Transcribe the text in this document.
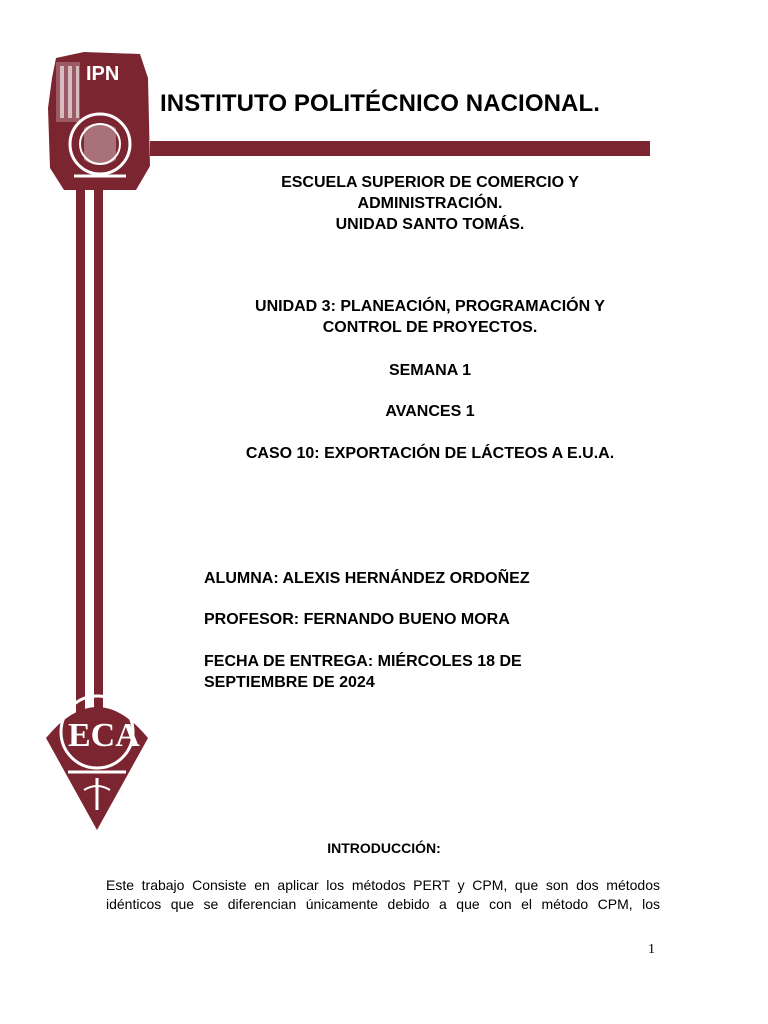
IPN
ECA
INSTITUTO POLITÉCNICO NACIONAL.
ESCUELA SUPERIOR DE COMERCIO Y
ADMINISTRACIÓN.
UNIDAD SANTO TOMÁS.
UNIDAD 3: PLANEACIÓN, PROGRAMACIÓN Y
CONTROL DE PROYECTOS.
SEMANA 1
AVANCES 1
CASO 10: EXPORTACIÓN DE LÁCTEOS A E.U.A.
ALUMNA: ALEXIS HERNÁNDEZ ORDOÑEZ
PROFESOR: FERNANDO BUENO MORA
FECHA DE ENTREGA: MIÉRCOLES 18 DE
SEPTIEMBRE DE 2024
INTRODUCCIÓN:
Este trabajo Consiste en aplicar los métodos PERT y CPM, que son dos métodos
idénticos que se diferencian únicamente debido a que con el método CPM, los
1
